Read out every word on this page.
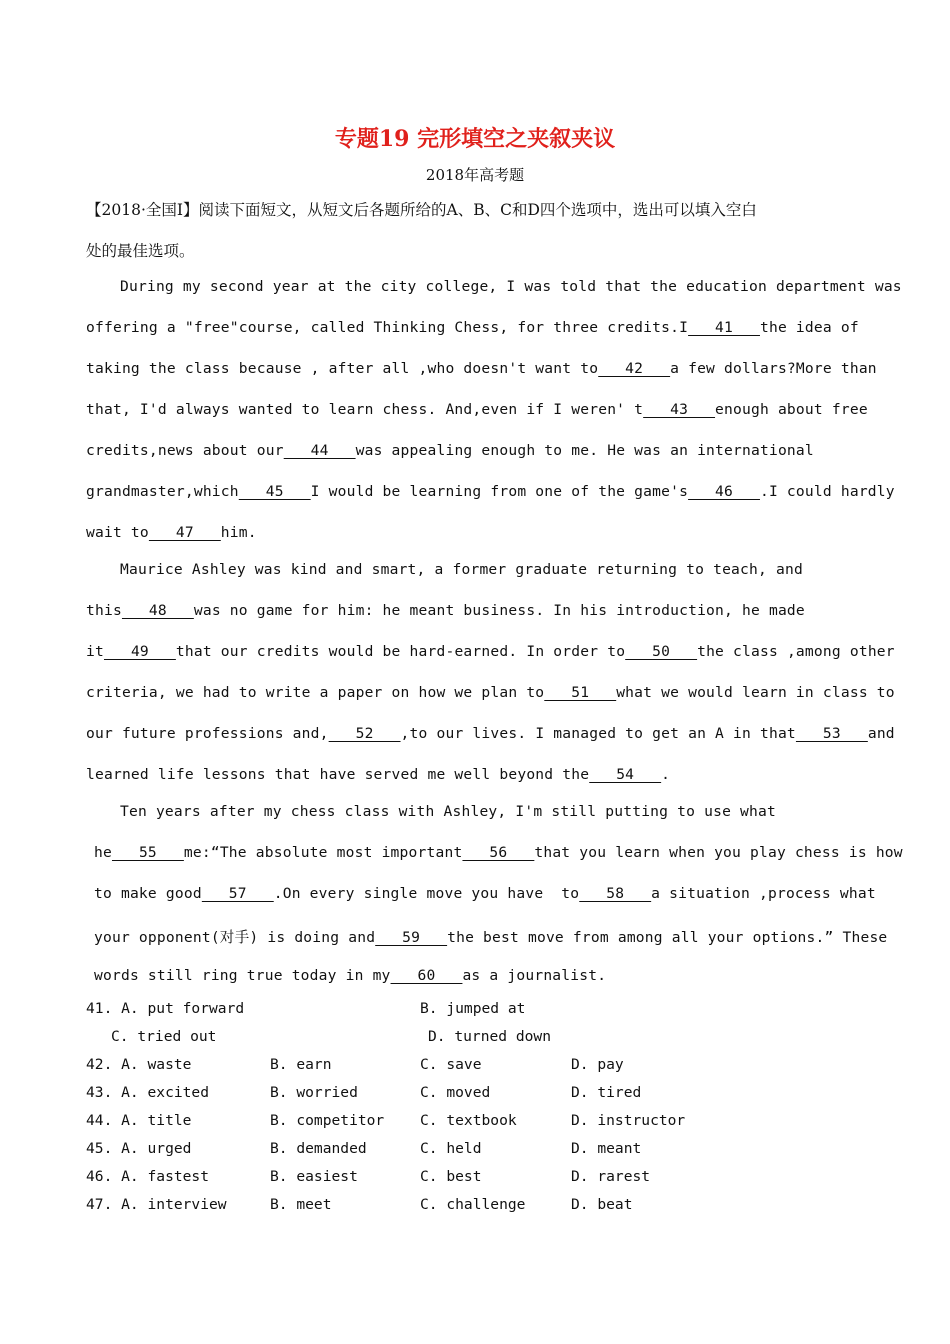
专题19 完形填空之夹叙夹议
2018年高考题
【2018·全国I】阅读下面短文，从短文后各题所给的A、B、C和D四个选项中，选出可以填入空白
处的最佳选项。
During my second year at the city college, I was told that the education department was
offering a "free"course, called Thinking Chess, for three credits.I   41   the idea of
taking the class because , after all ,who doesn't want to   42   a few dollars?More than
that, I'd always wanted to learn chess. And,even if I weren' t   43   enough about free
credits,news about our   44   was appealing enough to me. He was an international
grandmaster,which   45   I would be learning from one of the game's   46   .I could hardly
wait to   47   him.
Maurice Ashley was kind and smart, a former graduate returning to teach, and
this   48   was no game for him: he meant business. In his introduction, he made
it   49   that our credits would be hard-earned. In order to   50   the class ,among other
criteria, we had to write a paper on how we plan to   51   what we would learn in class to
our future professions and,   52   ,to our lives. I managed to get an A in that   53   and
learned life lessons that have served me well beyond the   54   .
Ten years after my chess class with Ashley, I'm still putting to use what
he   55   me:“The absolute most important   56   that you learn when you play chess is how
to make good   57   .On every single move you have  to   58   a situation ,process what
your opponent(对手) is doing and   59   the best move from among all your options.” These
words still ring true today in my   60   as a journalist.
41. A. put forward	B. jumped at
C. tried out	D. turned down
42. A. waste	B. earn	C. save	D. pay
43. A. excited	B. worried	C. moved	D. tired
44. A. title	B. competitor C. textbook	D. instructor
45. A. urged	B. demanded	C. held	D. meant
46. A. fastest	B. easiest	C. best	D. rarest
47. A. interview	B. meet	C. challenge	D. beat
